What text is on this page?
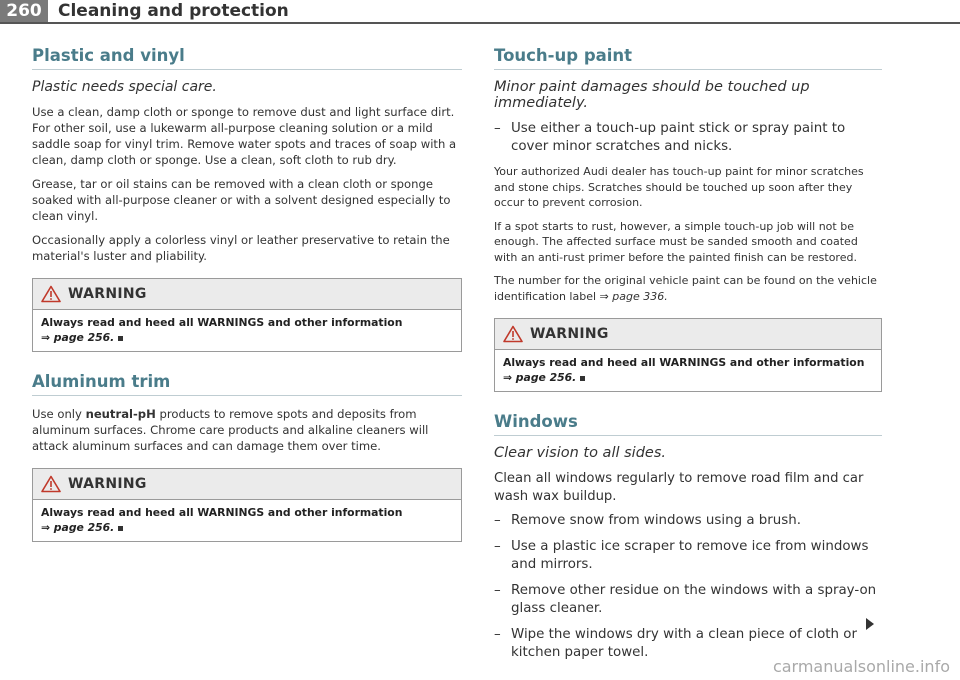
260 Cleaning and protection
Plastic and vinyl
Plastic needs special care.

Use a clean, damp cloth or sponge to remove dust and light surface dirt. For other soil, use a lukewarm all-purpose cleaning solution or a mild saddle soap for vinyl trim. Remove water spots and traces of soap with a clean, damp cloth or sponge. Use a clean, soft cloth to rub dry.

Grease, tar or oil stains can be removed with a clean cloth or sponge soaked with all-purpose cleaner or with a solvent designed especially to clean vinyl.

Occasionally apply a colorless vinyl or leather preservative to retain the material's luster and pliability.

WARNING
Always read and heed all WARNINGS and other information
⇒ page 256.
Aluminum trim

Use only neutral-pH products to remove spots and deposits from aluminum surfaces. Chrome care products and alkaline cleaners will attack aluminum surfaces and can damage them over time.

WARNING
Always read and heed all WARNINGS and other information
⇒ page 256.
Touch-up paint
Minor paint damages should be touched up immediately.
– Use either a touch-up paint stick or spray paint to cover minor scratches and nicks.

Your authorized Audi dealer has touch-up paint for minor scratches and stone chips. Scratches should be touched up soon after they occur to prevent corrosion.

If a spot starts to rust, however, a simple touch-up job will not be enough. The affected surface must be sanded smooth and coated with an anti-rust primer before the painted finish can be restored.

The number for the original vehicle paint can be found on the vehicle identification label ⇒ page 336.

WARNING
Always read and heed all WARNINGS and other information
⇒ page 256.
Windows
Clear vision to all sides.

Clean all windows regularly to remove road film and car wash wax buildup.

– Remove snow from windows using a brush.
– Use a plastic ice scraper to remove ice from windows and mirrors.
– Remove other residue on the windows with a spray-on glass cleaner.
– Wipe the windows dry with a clean piece of cloth or kitchen paper towel.
carmanualsonline.info
